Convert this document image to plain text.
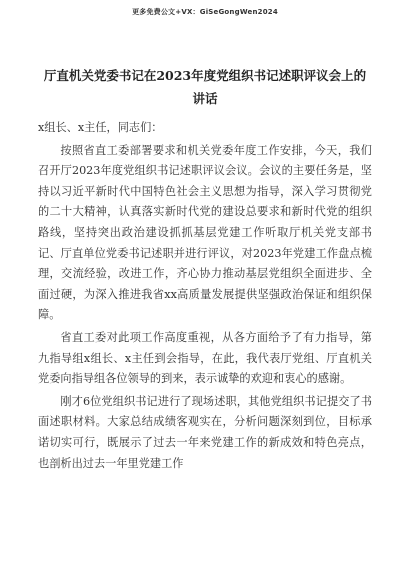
更多免费公文+VX：GiSeGongWen2024
厅直机关党委书记在2023年度党组织书记述职评议会上的
讲话

x组长、x主任，同志们：

按照省直工委部署要求和机关党委年度工作安排，今天，我们召开厅2023年度党组织书记述职评议会议。会议的主要任务是，坚持以习近平新时代中国特色社会主义思想为指导，深入学习贯彻党的二十大精神，认真落实新时代党的建设总要求和新时代党的组织路线，坚持突出政治建设抓抓基层党建工作听取厅机关党支部书记、厅直单位党委书记述职并进行评议，对2023年党建工作盘点梳理，交流经验，改进工作，齐心协力推动基层党组织全面进步、全面过硬，为深入推进我省xx高质量发展提供坚强政治保证和组织保障。

省直工委对此项工作高度重视，从各方面给予了有力指导，第九指导组x组长、x主任到会指导，在此，我代表厅党组、厅直机关党委向指导组各位领导的到来，表示诚挚的欢迎和衷心的感谢。

刚才6位党组织书记进行了现场述职，其他党组织书记提交了书面述职材料。大家总结成绩客观实在，分析问题深刻到位，目标承诺切实可行，既展示了过去一年来党建工作的新成效和特色亮点，也剖析出过去一年里党建工作
